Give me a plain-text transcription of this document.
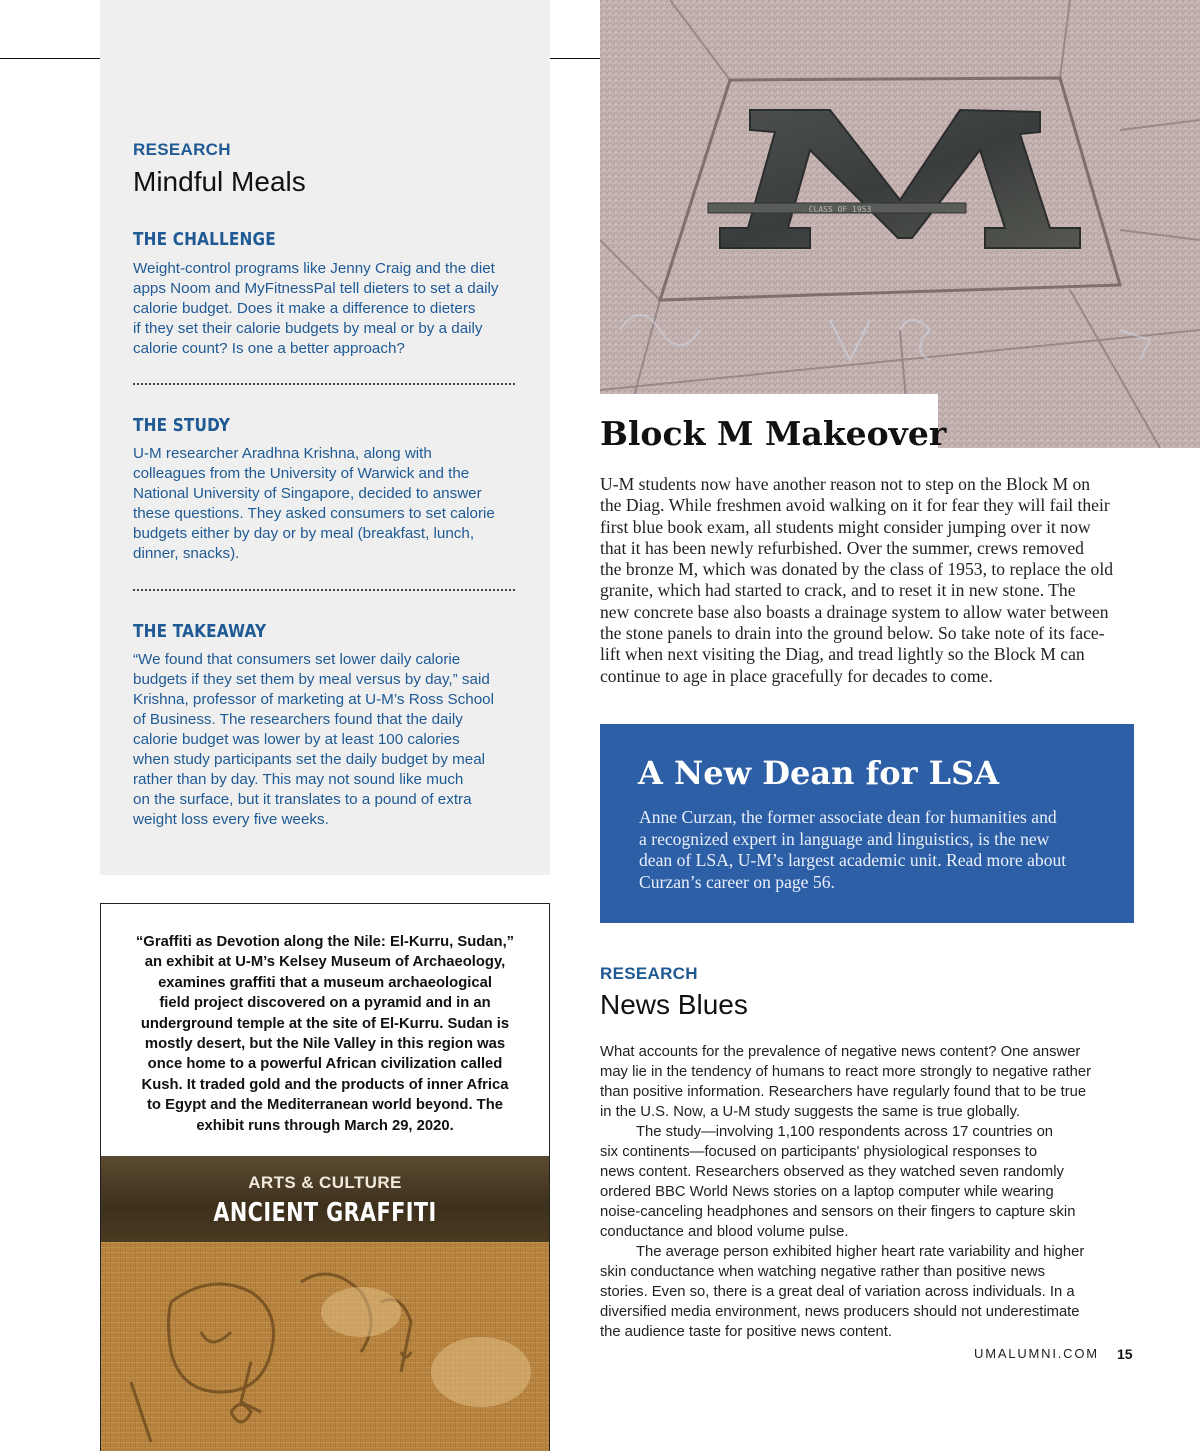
RESEARCH

Mindful Meals
THE CHALLENGE

Weight-control programs like Jenny Craig and the diet
apps Noom and MyFitnessPal tell dieters to set a daily
calorie budget. Does it make a difference to dieters
if they set their calorie budgets by meal or by a daily
calorie count? Is one a better approach?

THE STUDY

U-M researcher Aradhna Krishna, along with
colleagues from the University of Warwick and the
National University of Singapore, decided to answer
these questions. They asked consumers to set calorie
budgets either by day or by meal (breakfast, lunch,
dinner, snacks).

THE TAKEAWAY

“We found that consumers set lower daily calorie
budgets if they set them by meal versus by day,” said
Krishna, professor of marketing at U-M’s Ross School
of Business. The researchers found that the daily
calorie budget was lower by at least 100 calories
when study participants set the daily budget by meal
rather than by day. This may not sound like much
on the surface, but it translates to a pound of extra
weight loss every five weeks.

CLASS OF 1953
Block M Makeover

U-M students now have another reason not to step on the Block M on
the Diag. While freshmen avoid walking on it for fear they will fail their
first blue book exam, all students might consider jumping over it now
that it has been newly refurbished. Over the summer, crews removed
the bronze M, which was donated by the class of 1953, to replace the old
granite, which had started to crack, and to reset it in new stone. The
new concrete base also boasts a drainage system to allow water between
the stone panels to drain into the ground below. So take note of its face-
lift when next visiting the Diag, and tread lightly so the Block M can
continue to age in place gracefully for decades to come.

A New Dean for LSA

Anne Curzan, the former associate dean for humanities and
a recognized expert in language and linguistics, is the new
dean of LSA, U-M’s largest academic unit. Read more about
Curzan’s career on page 56.

RESEARCH

News Blues

What accounts for the prevalence of negative news content? One answer
may lie in the tendency of humans to react more strongly to negative rather
than positive information. Researchers have regularly found that to be true
in the U.S. Now, a U-M study suggests the same is true globally.
The study—involving 1,100 respondents across 17 countries on
six continents—focused on participants' physiological responses to
news content. Researchers observed as they watched seven randomly
ordered BBC World News stories on a laptop computer while wearing
noise-canceling headphones and sensors on their fingers to capture skin
conductance and blood volume pulse.
The average person exhibited higher heart rate variability and higher
skin conductance when watching negative rather than positive news
stories. Even so, there is a great deal of variation across individuals. In a
diversified media environment, news producers should not underestimate
the audience taste for positive news content.

“Graffiti as Devotion along the Nile: El-Kurru, Sudan,”
an exhibit at U-M’s Kelsey Museum of Archaeology,
examines graffiti that a museum archaeological
field project discovered on a pyramid and in an
underground temple at the site of El-Kurru. Sudan is
mostly desert, but the Nile Valley in this region was
once home to a powerful African civilization called
Kush. It traded gold and the products of inner Africa
to Egypt and the Mediterranean world beyond. The
exhibit runs through March 29, 2020.

ARTS & CULTURE
ANCIENT GRAFFITI
UMALUMNI.COM 15
